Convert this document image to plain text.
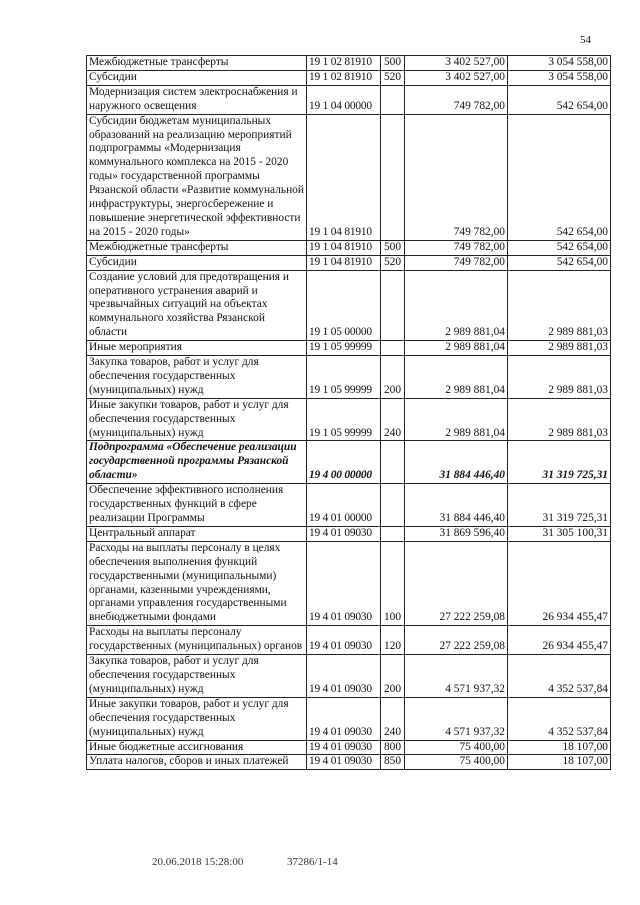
54
Межбюджетные трансферты	19 1 02 81910	500	3 402 527,00	3 054 558,00
Субсидии	19 1 02 81910	520	3 402 527,00	3 054 558,00
Модернизация систем электроснабжения и наружного освещения	19 1 04 00000		749 782,00	542 654,00
Субсидии бюджетам муниципальных образований на реализацию мероприятий подпрограммы «Модернизация коммунального комплекса на 2015 - 2020 годы» государственной программы Рязанской области «Развитие коммунальной инфраструктуры, энергосбережение и повышение энергетической эффективности на 2015 - 2020 годы»	19 1 04 81910		749 782,00	542 654,00
Межбюджетные трансферты	19 1 04 81910	500	749 782,00	542 654,00
Субсидии	19 1 04 81910	520	749 782,00	542 654,00
Создание условий для предотвращения и оперативного устранения аварий и чрезвычайных ситуаций на объектах коммунального хозяйства Рязанской области	19 1 05 00000		2 989 881,04	2 989 881,03
Иные мероприятия	19 1 05 99999		2 989 881,04	2 989 881,03
Закупка товаров, работ и услуг для обеспечения государственных (муниципальных) нужд	19 1 05 99999	200	2 989 881,04	2 989 881,03
Иные закупки товаров, работ и услуг для обеспечения государственных (муниципальных) нужд	19 1 05 99999	240	2 989 881,04	2 989 881,03
Подпрограмма «Обеспечение реализации государственной программы Рязанской области»	19 4 00 00000		31 884 446,40	31 319 725,31
Обеспечение эффективного исполнения государственных функций в сфере реализации Программы	19 4 01 00000		31 884 446,40	31 319 725,31
Центральный аппарат	19 4 01 09030		31 869 596,40	31 305 100,31
Расходы на выплаты персоналу в целях обеспечения выполнения функций государственными (муниципальными) органами, казенными учреждениями, органами управления государственными внебюджетными фондами	19 4 01 09030	100	27 222 259,08	26 934 455,47
Расходы на выплаты персоналу государственных (муниципальных) органов	19 4 01 09030	120	27 222 259,08	26 934 455,47
Закупка товаров, работ и услуг для обеспечения государственных (муниципальных) нужд	19 4 01 09030	200	4 571 937,32	4 352 537,84
Иные закупки товаров, работ и услуг для обеспечения государственных (муниципальных) нужд	19 4 01 09030	240	4 571 937,32	4 352 537,84
Иные бюджетные ассигнования	19 4 01 09030	800	75 400,00	18 107,00
Уплата налогов, сборов и иных платежей	19 4 01 09030	850	75 400,00	18 107,00
20.06.2018 15:28:00	37286/1-14
